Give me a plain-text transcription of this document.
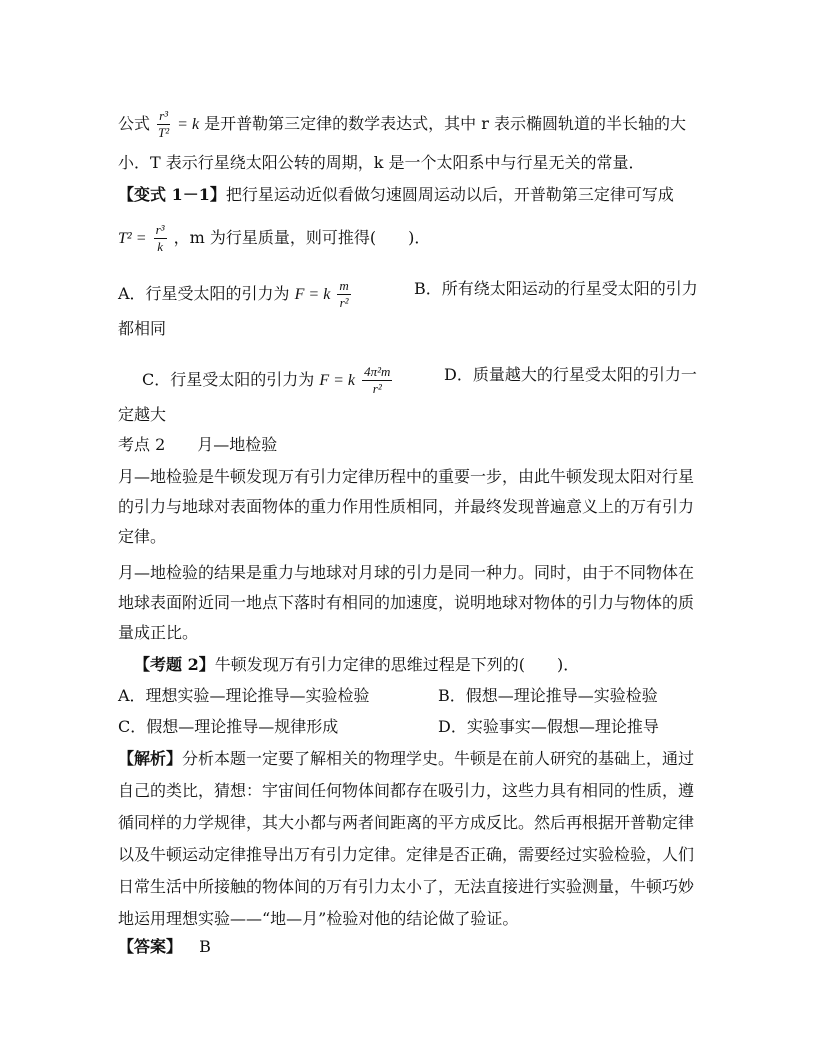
公式 $\frac{\text{r³}}{\text{T²}} = k$ 是开普勒第三定律的数学表达式，其中 r 表示椭圆轨道的半长轴的大
小．T 表示行星绕太阳公转的周期，k 是一个太阳系中与行星无关的常量．
【变式 1－1】把行星运动近似看做匀速圆周运动以后，开普勒第三定律可写成
$T^2 = \frac{\text{r³}}{k}$ ，m 为行星质量，则可推得(　　)．
A．行星受太阳的引力为 F = k $\frac{m}{\text{r²}}$	B．所有绕太阳运动的行星受太阳的引力
都相同
C．行星受太阳的引力为 F = k $\frac{\text{4π²m}}{\text{r²}}$	D．质量越大的行星受太阳的引力一
定越大
考点 2　　月—地检验
月—地检验是牛顿发现万有引力定律历程中的重要一步，由此牛顿发现太阳对行星
的引力与地球对表面物体的重力作用性质相同，并最终发现普遍意义上的万有引力
定律。
月—地检验的结果是重力与地球对月球的引力是同一种力。同时，由于不同物体在
地球表面附近同一地点下落时有相同的加速度，说明地球对物体的引力与物体的质
量成正比。
【考题 2】牛顿发现万有引力定律的思维过程是下列的(　　)．
A．理想实验—理论推导—实验检验	B．假想—理论推导—实验检验
C．假想—理论推导—规律形成	D．实验事实—假想—理论推导
【解析】分析本题一定要了解相关的物理学史。牛顿是在前人研究的基础上，通过
自己的类比，猜想：宇宙间任何物体间都存在吸引力，这些力具有相同的性质，遵
循同样的力学规律，其大小都与两者间距离的平方成反比。然后再根据开普勒定律
以及牛顿运动定律推导出万有引力定律。定律是否正确，需要经过实验检验，人们
日常生活中所接触的物体间的万有引力太小了，无法直接进行实验测量，牛顿巧妙
地运用理想实验——“地—月”检验对他的结论做了验证。
【答案】 B
